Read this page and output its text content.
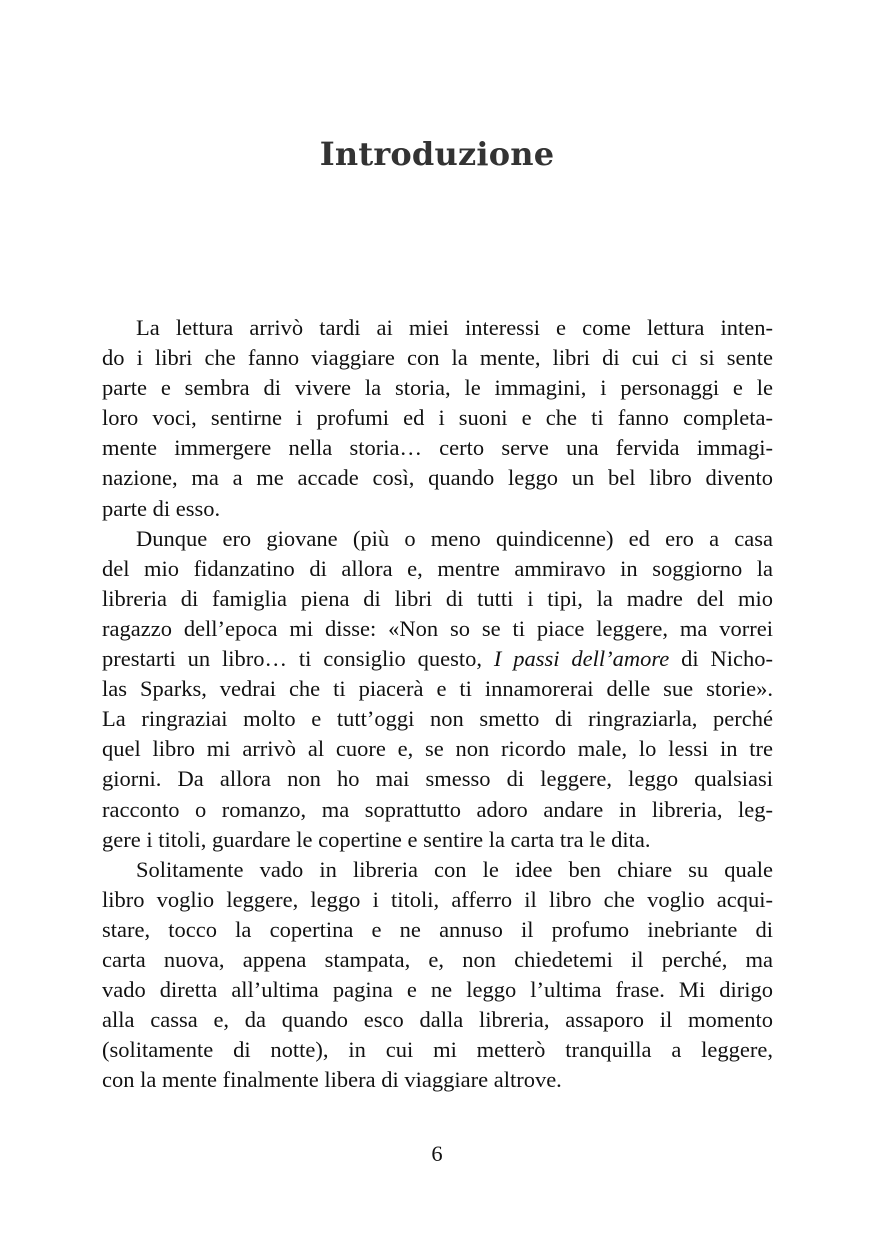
Introduzione
La lettura arrivò tardi ai miei interessi e come lettura inten-
do i libri che fanno viaggiare con la mente, libri di cui ci si sente
parte e sembra di vivere la storia, le immagini, i personaggi e le
loro voci, sentirne i profumi ed i suoni e che ti fanno completa-
mente immergere nella storia… certo serve una fervida immagi-
nazione, ma a me accade così, quando leggo un bel libro divento
parte di esso.
Dunque ero giovane (più o meno quindicenne) ed ero a casa
del mio fidanzatino di allora e, mentre ammiravo in soggiorno la
libreria di famiglia piena di libri di tutti i tipi, la madre del mio
ragazzo dell’epoca mi disse: «Non so se ti piace leggere, ma vorrei
prestarti un libro… ti consiglio questo, I passi dell’amore di Nicho-
las Sparks, vedrai che ti piacerà e ti innamorerai delle sue storie».
La ringraziai molto e tutt’oggi non smetto di ringraziarla, perché
quel libro mi arrivò al cuore e, se non ricordo male, lo lessi in tre
giorni. Da allora non ho mai smesso di leggere, leggo qualsiasi
racconto o romanzo, ma soprattutto adoro andare in libreria, leg-
gere i titoli, guardare le copertine e sentire la carta tra le dita.
Solitamente vado in libreria con le idee ben chiare su quale
libro voglio leggere, leggo i titoli, afferro il libro che voglio acqui-
stare, tocco la copertina e ne annuso il profumo inebriante di
carta nuova, appena stampata, e, non chiedetemi il perché, ma
vado diretta all’ultima pagina e ne leggo l’ultima frase. Mi dirigo
alla cassa e, da quando esco dalla libreria, assaporo il momento
(solitamente di notte), in cui mi metterò tranquilla a leggere,
con la mente finalmente libera di viaggiare altrove.
6
